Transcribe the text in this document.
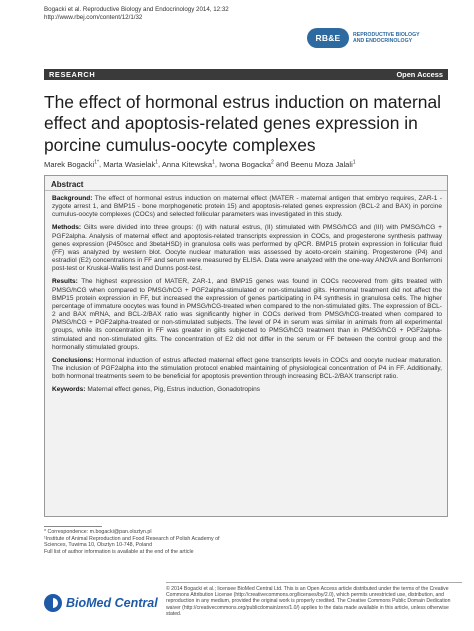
Bogacki et al. Reproductive Biology and Endocrinology 2014, 12:32
http://www.rbej.com/content/12/1/32
RB&E	REPRODUCTIVE BIOLOGY
AND ENDOCRINOLOGY
RESEARCH	Open Access
The effect of hormonal estrus induction on maternal effect and apoptosis-related genes expression in porcine cumulus-oocyte complexes
Marek Bogacki$^{1*}$, Marta Wasielak$^1$, Anna Kitewska$^1$, Iwona Bogacka$^2$ and Beenu Moza Jalali$^1$
Abstract
Background: The effect of hormonal estrus induction on maternal effect (MATER - maternal antigen that embryo requires, ZAR-1 - zygote arrest 1, and BMP15 - bone morphogenetic protein 15) and apoptosis-related genes expression (BCL-2 and BAX) in porcine cumulus-oocyte complexes (COCs) and selected follicular parameters was investigated in this study.
Methods: Gilts were divided into three groups: (I) with natural estrus, (II) stimulated with PMSG/hCG and (III) with PMSG/hCG + PGF2alpha. Analysis of maternal effect and apoptosis-related transcripts expression in COCs, and progesterone synthesis pathway genes expression (P450scc and 3betaHSD) in granulosa cells was performed by qPCR. BMP15 protein expression in follicular fluid (FF) was analyzed by western blot. Oocyte nuclear maturation was assessed by aceto-orcein staining. Progesterone (P4) and estradiol (E2) concentrations in FF and serum were measured by ELISA. Data were analyzed with the one-way ANOVA and Bonferroni post-test or Kruskal-Wallis test and Dunns post-test.
Results: The highest expression of MATER, ZAR-1, and BMP15 genes was found in COCs recovered from gilts treated with PMSG/hCG when compared to PMSG/hCG + PGF2alpha-stimulated or non-stimulated gilts. Hormonal treatment did not affect the BMP15 protein expression in FF, but increased the expression of genes participating in P4 synthesis in granulosa cells. The higher percentage of immature oocytes was found in PMSG/hCG-treated when compared to the non-stimulated gilts. The expression of BCL-2 and BAX mRNA, and BCL-2/BAX ratio was significantly higher in COCs derived from PMSG/hCG-treated when compared to PMSG/hCG + PGF2alpha-treated or non-stimulated subjects. The level of P4 in serum was similar in animals from all experimental groups, while its concentration in FF was greater in gilts subjected to PMSG/hCG treatment than in PMSG/hCG + PGF2alpha-stimulated and non-stimulated gilts. The concentration of E2 did not differ in the serum or FF between the control group and the hormonally stimulated groups.
Conclusions: Hormonal induction of estrus affected maternal effect gene transcripts levels in COCs and oocyte nuclear maturation. The inclusion of PGF2alpha into the stimulation protocol enabled maintaining of physiological concentration of P4 in FF. Additionally, both hormonal treatments seem to be beneficial for apoptosis prevention through increasing BCL-2/BAX transcript ratio.
Keywords: Maternal effect genes, Pig, Estrus induction, Gonadotropins
* Correspondence: m.bogacki@pan.olsztyn.pl
¹Institute of Animal Reproduction and Food Research of Polish Academy of Sciences, Tuwima 10, Olsztyn 10-748, Poland
Full list of author information is available at the end of the article
BioMed Central
© 2014 Bogacki et al.; licensee BioMed Central Ltd. This is an Open Access article distributed under the terms of the Creative Commons Attribution License (http://creativecommons.org/licenses/by/2.0), which permits unrestricted use, distribution, and reproduction in any medium, provided the original work is properly credited. The Creative Commons Public Domain Dedication waiver (http://creativecommons.org/publicdomain/zero/1.0/) applies to the data made available in this article, unless otherwise stated.
